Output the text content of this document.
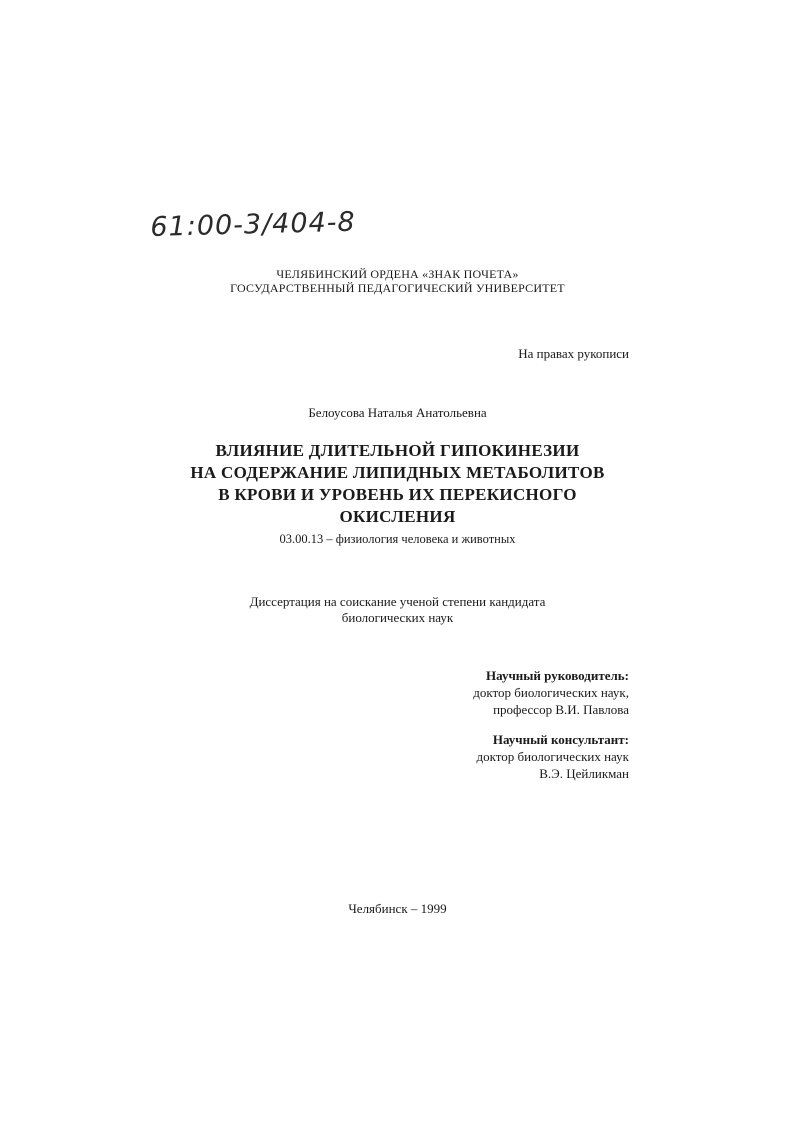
61:00-3/404-8
ЧЕЛЯБИНСКИЙ ОРДЕНА «ЗНАК ПОЧЕТА»
ГОСУДАРСТВЕННЫЙ ПЕДАГОГИЧЕСКИЙ УНИВЕРСИТЕТ
На правах рукописи
Белоусова Наталья Анатольевна
ВЛИЯНИЕ ДЛИТЕЛЬНОЙ ГИПОКИНЕЗИИ
НА СОДЕРЖАНИЕ ЛИПИДНЫХ МЕТАБОЛИТОВ
В КРОВИ И УРОВЕНЬ ИХ ПЕРЕКИСНОГО
ОКИСЛЕНИЯ
03.00.13 – физиология человека и животных
Диссертация на соискание ученой степени кандидата
биологических наук
Научный руководитель:
доктор биологических наук,
профессор В.И. Павлова
Научный консультант:
доктор биологических наук
В.Э. Цейликман
Челябинск – 1999
